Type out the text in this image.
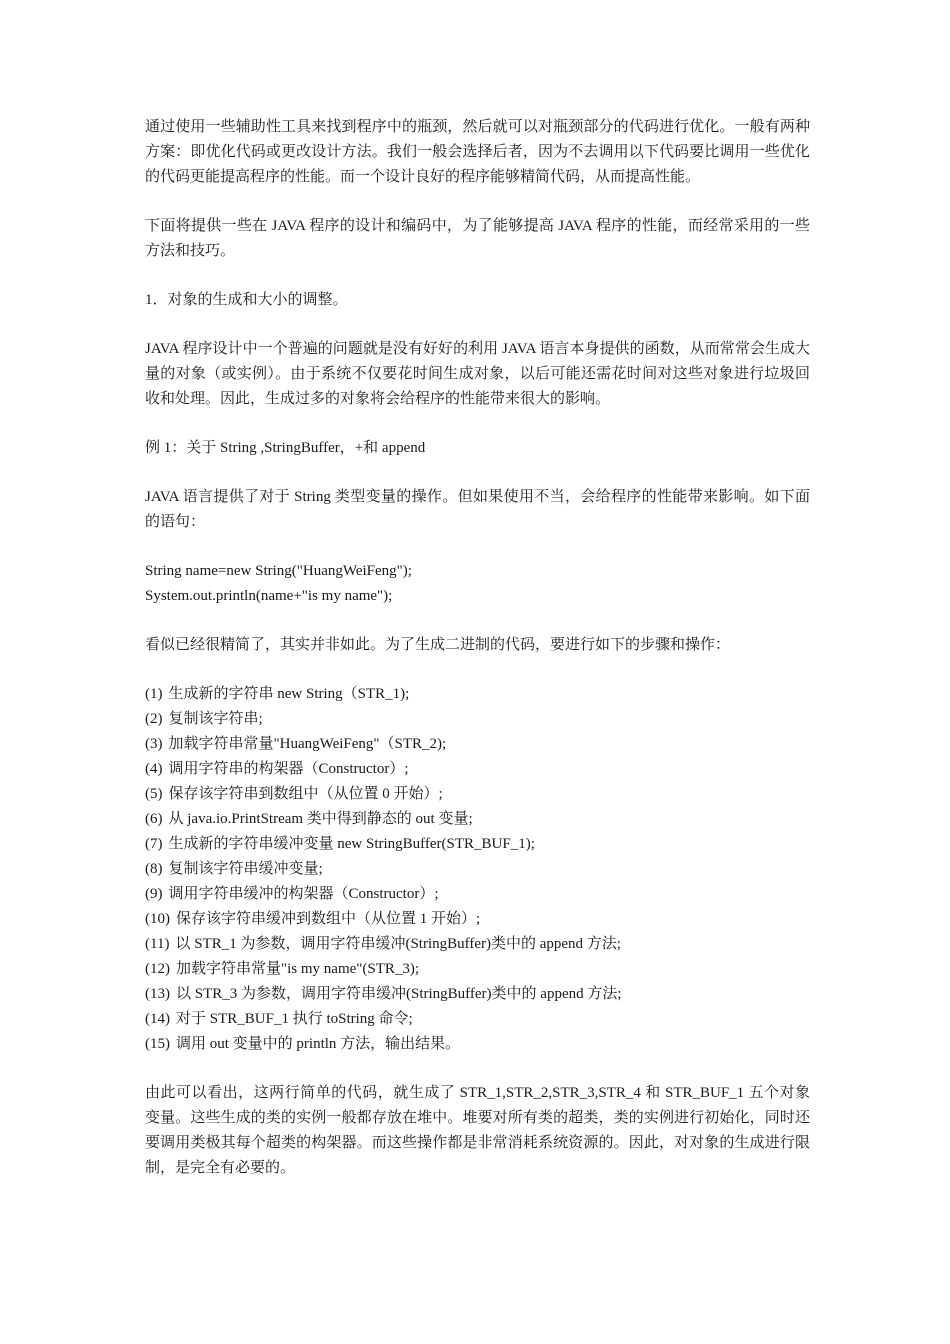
通过使用一些辅助性工具来找到程序中的瓶颈，然后就可以对瓶颈部分的代码进行优化。一般有两种方案：即优化代码或更改设计方法。我们一般会选择后者，因为不去调用以下代码要比调用一些优化的代码更能提高程序的性能。而一个设计良好的程序能够精简代码，从而提高性能。

下面将提供一些在 JAVA 程序的设计和编码中，为了能够提高 JAVA 程序的性能，而经常采用的一些方法和技巧。

1．对象的生成和大小的调整。

JAVA 程序设计中一个普遍的问题就是没有好好的利用 JAVA 语言本身提供的函数，从而常常会生成大量的对象（或实例）。由于系统不仅要花时间生成对象，以后可能还需花时间对这些对象进行垃圾回收和处理。因此，生成过多的对象将会给程序的性能带来很大的影响。

例 1：关于 String ,StringBuffer，+和 append

JAVA 语言提供了对于 String 类型变量的操作。但如果使用不当，会给程序的性能带来影响。如下面的语句：

String name=new String("HuangWeiFeng");
System.out.println(name+"is my name");

看似已经很精简了，其实并非如此。为了生成二进制的代码，要进行如下的步骤和操作：

(1) 生成新的字符串 new String（STR_1);
(2) 复制该字符串;
(3) 加载字符串常量"HuangWeiFeng"（STR_2);
(4) 调用字符串的构架器（Constructor）;
(5) 保存该字符串到数组中（从位置 0 开始）;
(6) 从 java.io.PrintStream 类中得到静态的 out 变量;
(7) 生成新的字符串缓冲变量 new StringBuffer(STR_BUF_1);
(8) 复制该字符串缓冲变量;
(9) 调用字符串缓冲的构架器（Constructor）;
(10) 保存该字符串缓冲到数组中（从位置 1 开始）;
(11) 以 STR_1 为参数，调用字符串缓冲(StringBuffer)类中的 append 方法;
(12) 加载字符串常量"is my name"(STR_3);
(13) 以 STR_3 为参数，调用字符串缓冲(StringBuffer)类中的 append 方法;
(14) 对于 STR_BUF_1 执行 toString 命令;
(15) 调用 out 变量中的 println 方法，输出结果。

由此可以看出，这两行简单的代码，就生成了 STR_1,STR_2,STR_3,STR_4 和 STR_BUF_1 五个对象变量。这些生成的类的实例一般都存放在堆中。堆要对所有类的超类，类的实例进行初始化，同时还要调用类极其每个超类的构架器。而这些操作都是非常消耗系统资源的。因此，对对象的生成进行限制，是完全有必要的。
